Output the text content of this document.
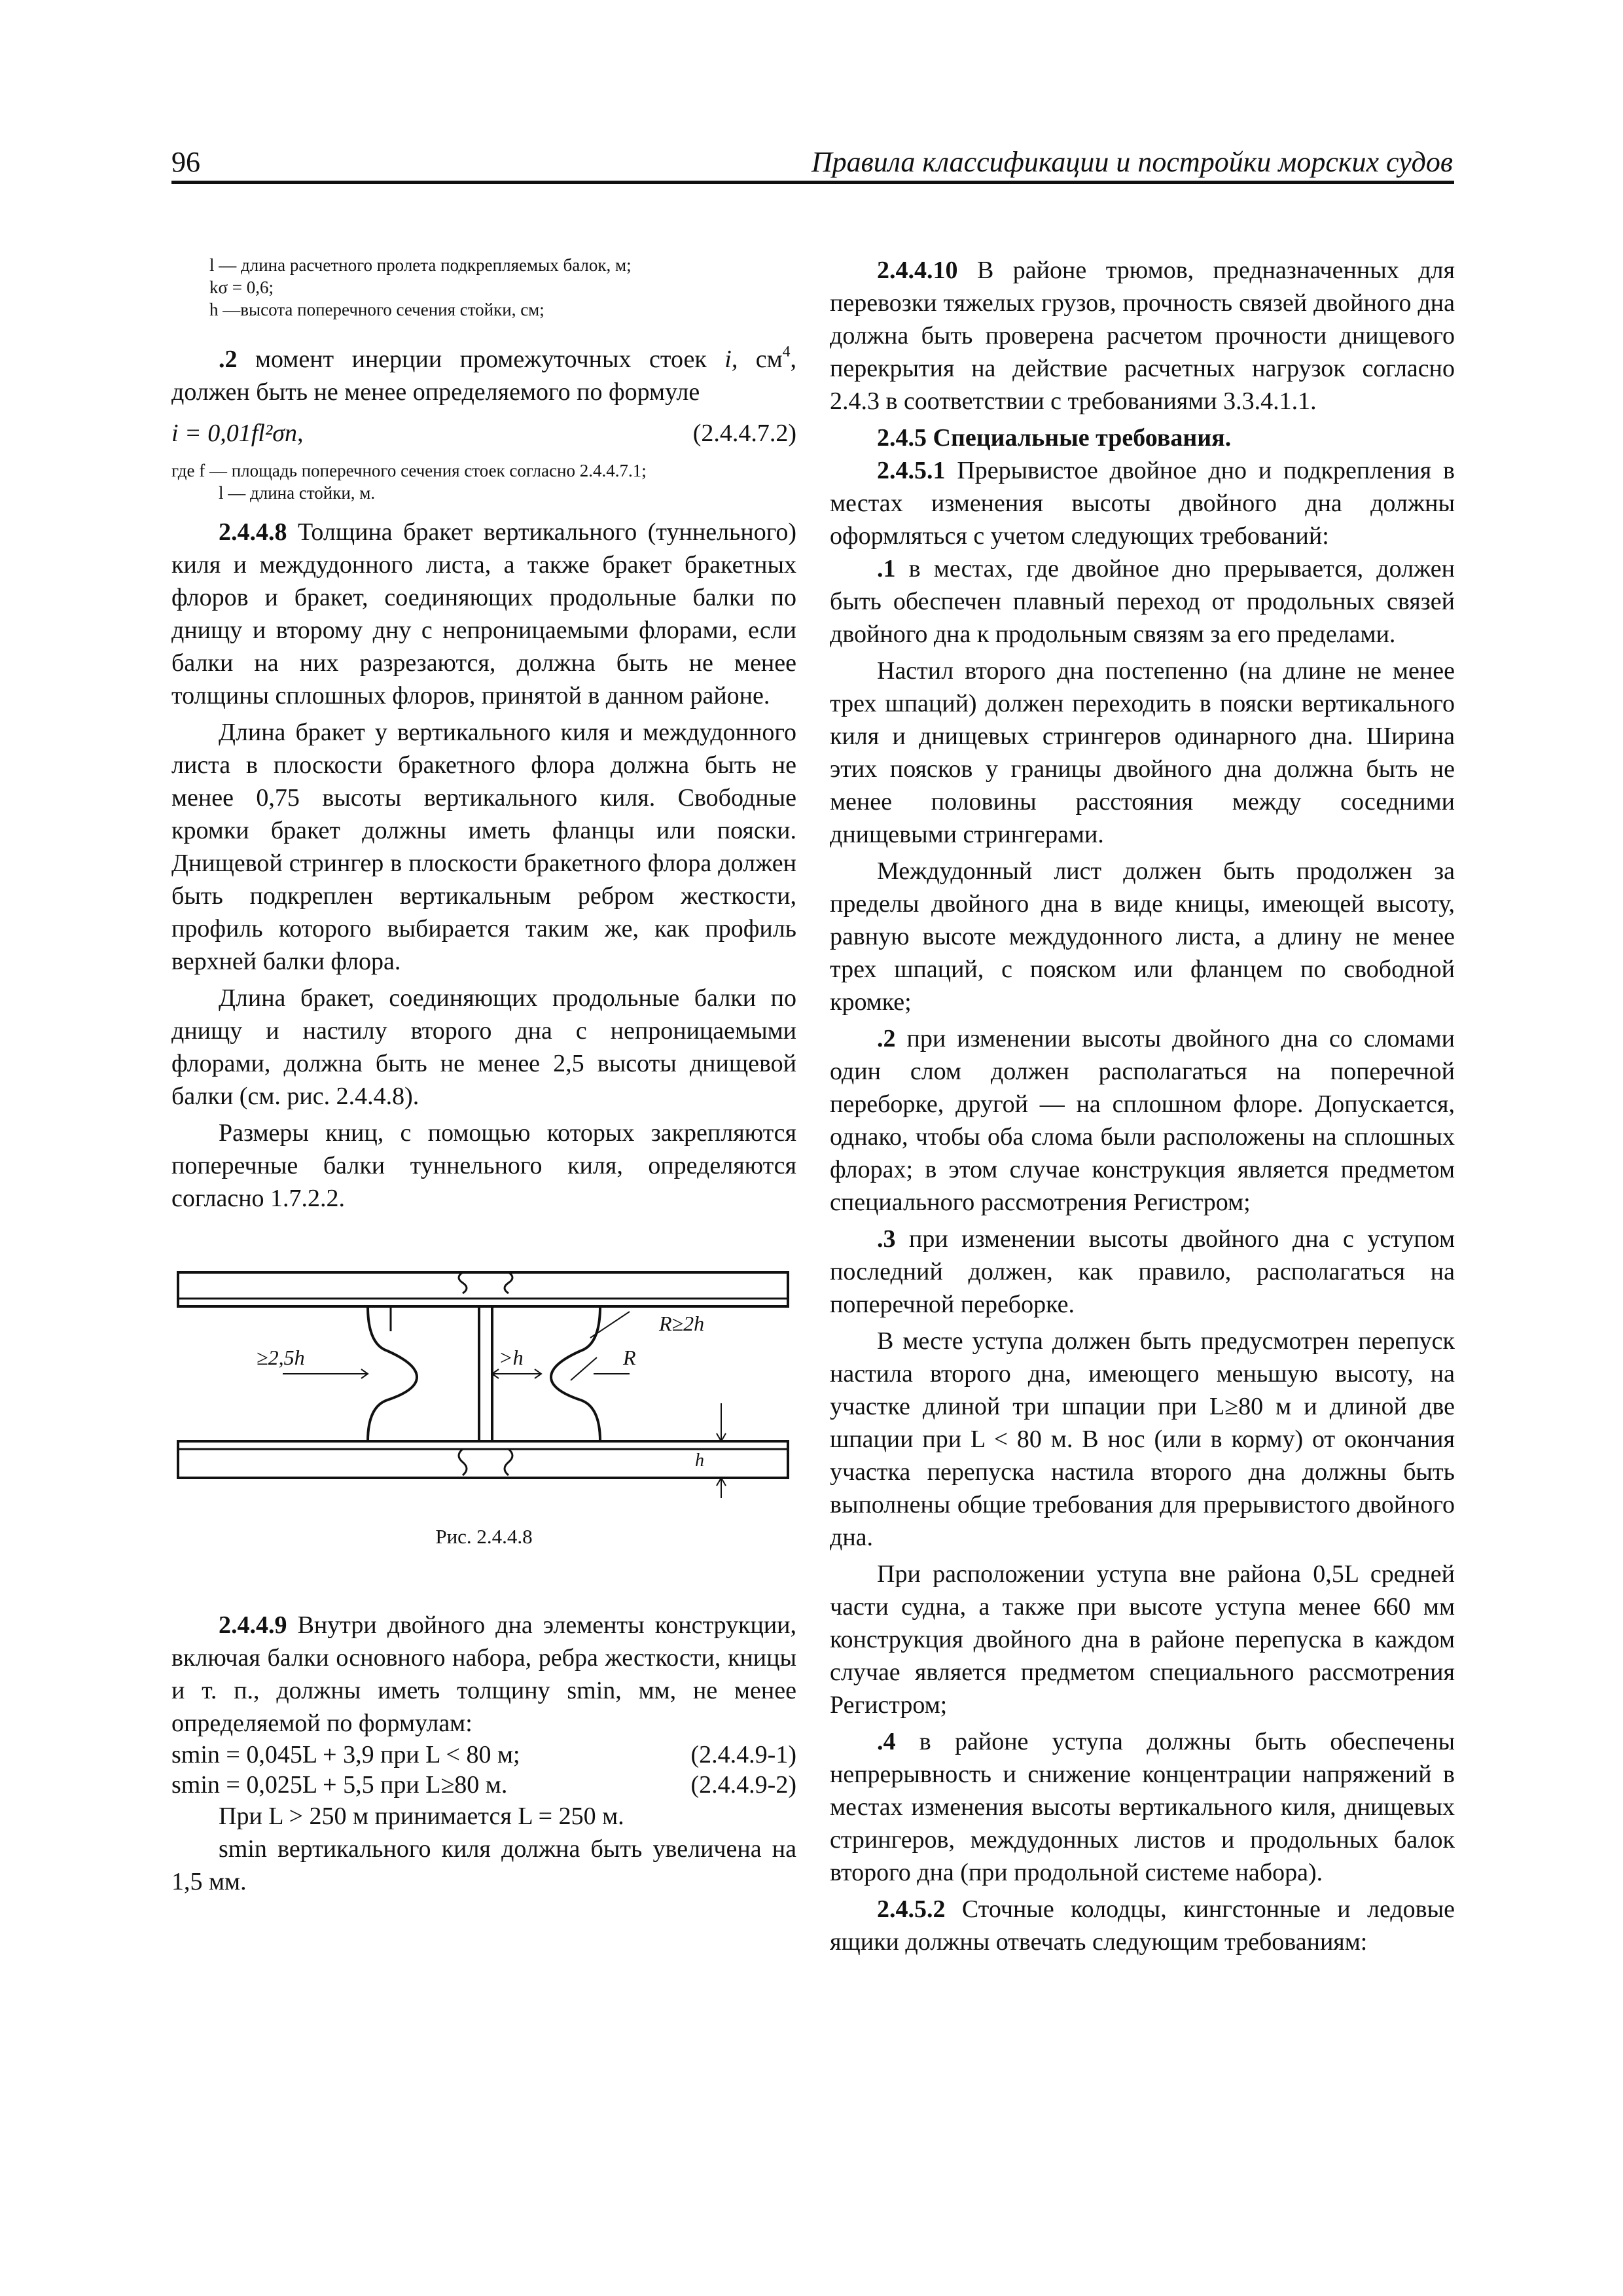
96	Правила классификации и постройки морских судов

l — длина расчетного пролета подкрепляемых балок, м;

kσ = 0,6;

h —высота поперечного сечения стойки, см;

.2 момент инерции промежуточных стоек i, $см^4$, должен быть не менее определяемого по формуле

i = 0,01fl²σn,	(2.4.4.7.2)

где f — площадь поперечного сечения стоек согласно 2.4.4.7.1;

l — длина стойки, м.

2.4.4.8 Толщина бракет вертикального (туннельного) киля и междудонного листа, а также бракет бракетных флоров и бракет, соединяющих продольные балки по днищу и второму дну с непроницаемыми флорами, если балки на них разрезаются, должна быть не менее толщины сплошных флоров, принятой в данном районе.

Длина бракет у вертикального киля и междудонного листа в плоскости бракетного флора должна быть не менее 0,75 высоты вертикального киля. Свободные кромки бракет должны иметь фланцы или пояски. Днищевой стрингер в плоскости бракетного флора должен быть подкреплен вертикальным ребром жесткости, профиль которого выбирается таким же, как профиль верхней балки флора.

Длина бракет, соединяющих продольные балки по днищу и настилу второго дна с непроницаемыми флорами, должна быть не менее 2,5 высоты днищевой балки (см. рис. 2.4.4.8).

Размеры книц, с помощью которых закрепляются поперечные балки туннельного киля, определяются согласно 1.7.2.2.

≥2,5h	>h	R
R≥2h
h
Рис. 2.4.4.8

2.4.4.9 Внутри двойного дна элементы конструкции, включая балки основного набора, ребра жесткости, кницы и т. п., должны иметь толщину smin, мм, не менее определяемой по формулам:

smin = 0,045L + 3,9 при L < 80 м;	(2.4.4.9-1)
smin = 0,025L + 5,5 при L≥80 м.	(2.4.4.9-2)

При L > 250 м принимается L = 250 м.

smin вертикального киля должна быть увеличена на 1,5 мм.

2.4.4.10 В районе трюмов, предназначенных для перевозки тяжелых грузов, прочность связей двойного дна должна быть проверена расчетом прочности днищевого перекрытия на действие расчетных нагрузок согласно 2.4.3 в соответствии с требованиями 3.3.4.1.1.

2.4.5 Специальные требования.

2.4.5.1 Прерывистое двойное дно и подкрепления в местах изменения высоты двойного дна должны оформляться с учетом следующих требований:

.1 в местах, где двойное дно прерывается, должен быть обеспечен плавный переход от продольных связей двойного дна к продольным связям за его пределами.

Настил второго дна постепенно (на длине не менее трех шпаций) должен переходить в пояски вертикального киля и днищевых стрингеров одинарного дна. Ширина этих поясков у границы двойного дна должна быть не менее половины расстояния между соседними днищевыми стрингерами.

Междудонный лист должен быть продолжен за пределы двойного дна в виде кницы, имеющей высоту, равную высоте междудонного листа, а длину не менее трех шпаций, с пояском или фланцем по свободной кромке;

.2 при изменении высоты двойного дна со сломами один слом должен располагаться на поперечной переборке, другой — на сплошном флоре. Допускается, однако, чтобы оба слома были расположены на сплошных флорах; в этом случае конструкция является предметом специального рассмотрения Регистром;

.3 при изменении высоты двойного дна с уступом последний должен, как правило, располагаться на поперечной переборке.

В месте уступа должен быть предусмотрен перепуск настила второго дна, имеющего меньшую высоту, на участке длиной три шпации при L≥80 м и длиной две шпации при L < 80 м. В нос (или в корму) от окончания участка перепуска настила второго дна должны быть выполнены общие требования для прерывистого двойного дна.

При расположении уступа вне района 0,5L средней части судна, а также при высоте уступа менее 660 мм конструкция двойного дна в районе перепуска в каждом случае является предметом специального рассмотрения Регистром;

.4 в районе уступа должны быть обеспечены непрерывность и снижение концентрации напряжений в местах изменения высоты вертикального киля, днищевых стрингеров, междудонных листов и продольных балок второго дна (при продольной системе набора).

2.4.5.2 Сточные колодцы, кингстонные и ледовые ящики должны отвечать следующим требованиям:
